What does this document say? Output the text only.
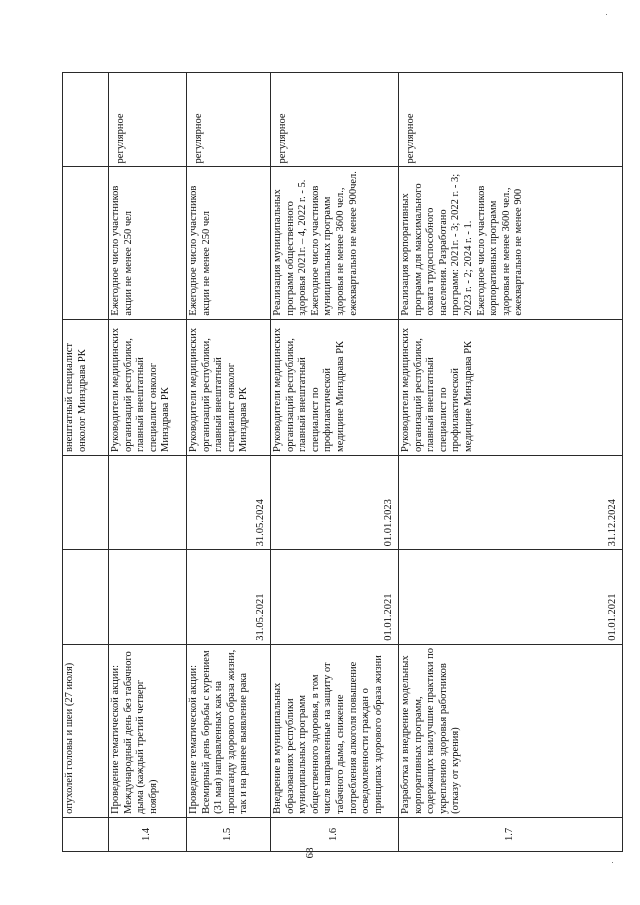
	опухолей головы и шеи (27 июля)			внештатный специалист онколог Минздрава РК		
1.4	Проведение тематической акции: Международный день без табачного дыма (каждый третий четверг ноября)			Руководители медицинских организаций республики, главный внештатный специалист онколог Минздрава РК	Ежегодное число участников акции не менее 250 чел	регулярное
1.5	Проведение тематической акции: Всемирный день борьбы с курением (31 мая) направленных как на пропаганду здорового образа жизни, так и на раннее выявление рака	31.05.2021	31.05.2024	Руководители медицинских организаций республики, главный внештатный специалист онколог Минздрава РК	Ежегодное число участников акции не менее 250 чел	регулярное
1.6	Внедрение в муниципальных образованиях республики муниципальных программ общественного здоровья, в том числе направленные на защиту от табачного дыма, снижение потребления алкоголя повышение осведомленности граждан о принципах здорового образа жизни	01.01.2021	01.01.2023	Руководители медицинских организаций республики, главный внештатный специалист по профилактической медицине Минздрава РК	Реализация муниципальных программ общественного здоровья 2021г. – 4, 2022 г. - 5. Ежегодное число участников муниципальных программ здоровья не менее 3600 чел., ежеквартально не менее 900чел.	регулярное
1.7	Разработка и внедрение модельных корпоративных программ, содержащих наилучшие практики по укреплению здоровья работников (отказу от курения)	01.01.2021	31.12.2024	Руководители медицинских организаций республики, главный внештатный специалист по профилактической медицине Минздрава РК	Реализация корпоративных программ для максимального охвата трудоспособного населения. Разработано программ: 2021г. - 3; 2022 г. - 3; 2023 г. - 2; 2024 г. - 1. Ежегодное число участников корпоративных программ здоровья не менее 3600 чел., ежеквартально не менее 900	регулярное
68
